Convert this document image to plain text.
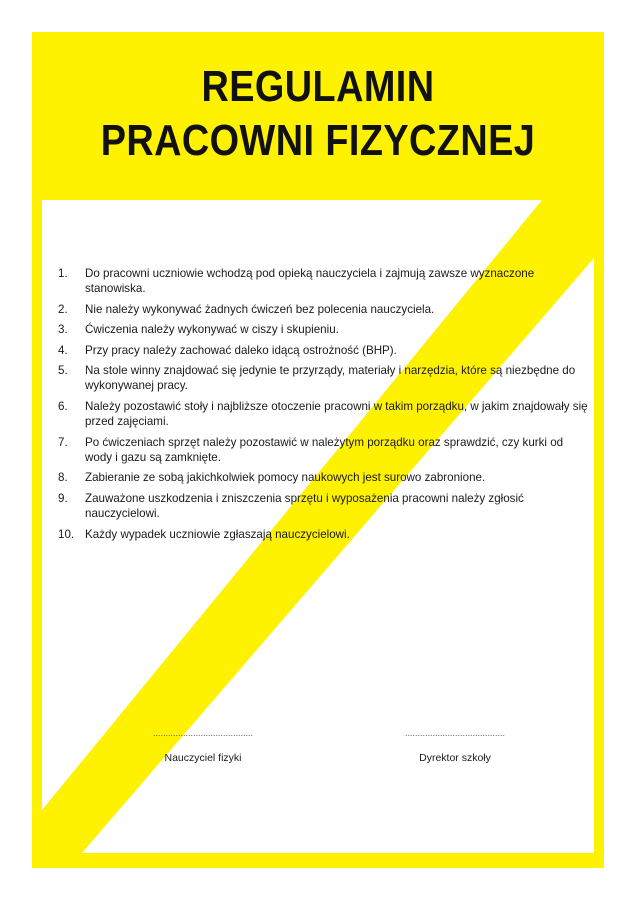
REGULAMIN
PRACOWNI FIZYCZNEJ
1. Do pracowni uczniowie wchodzą pod opieką nauczyciela i zajmują zawsze wyznaczone stanowiska.
2. Nie należy wykonywać żadnych ćwiczeń bez polecenia nauczyciela.
3. Ćwiczenia należy wykonywać w ciszy i skupieniu.
4. Przy pracy należy zachować daleko idącą ostrożność (BHP).
5. Na stole winny znajdować się jedynie te przyrządy, materiały i narzędzia, które są niezbędne do wykonywanej pracy.
6. Należy pozostawić stoły i najbliższe otoczenie pracowni w takim porządku, w jakim znajdowały się przed zajęciami.
7. Po ćwiczeniach sprzęt należy pozostawić w należytym porządku oraz sprawdzić, czy kurki od wody i gazu są zamknięte.
8. Zabieranie ze sobą jakichkolwiek pomocy naukowych jest surowo zabronione.
9. Zauważone uszkodzenia i zniszczenia sprzętu i wyposażenia pracowni należy zgłosić nauczycielowi.
10. Każdy wypadek uczniowie zgłaszają nauczycielowi.
........................................
Nauczyciel fizyki
........................................
Dyrektor szkoły
